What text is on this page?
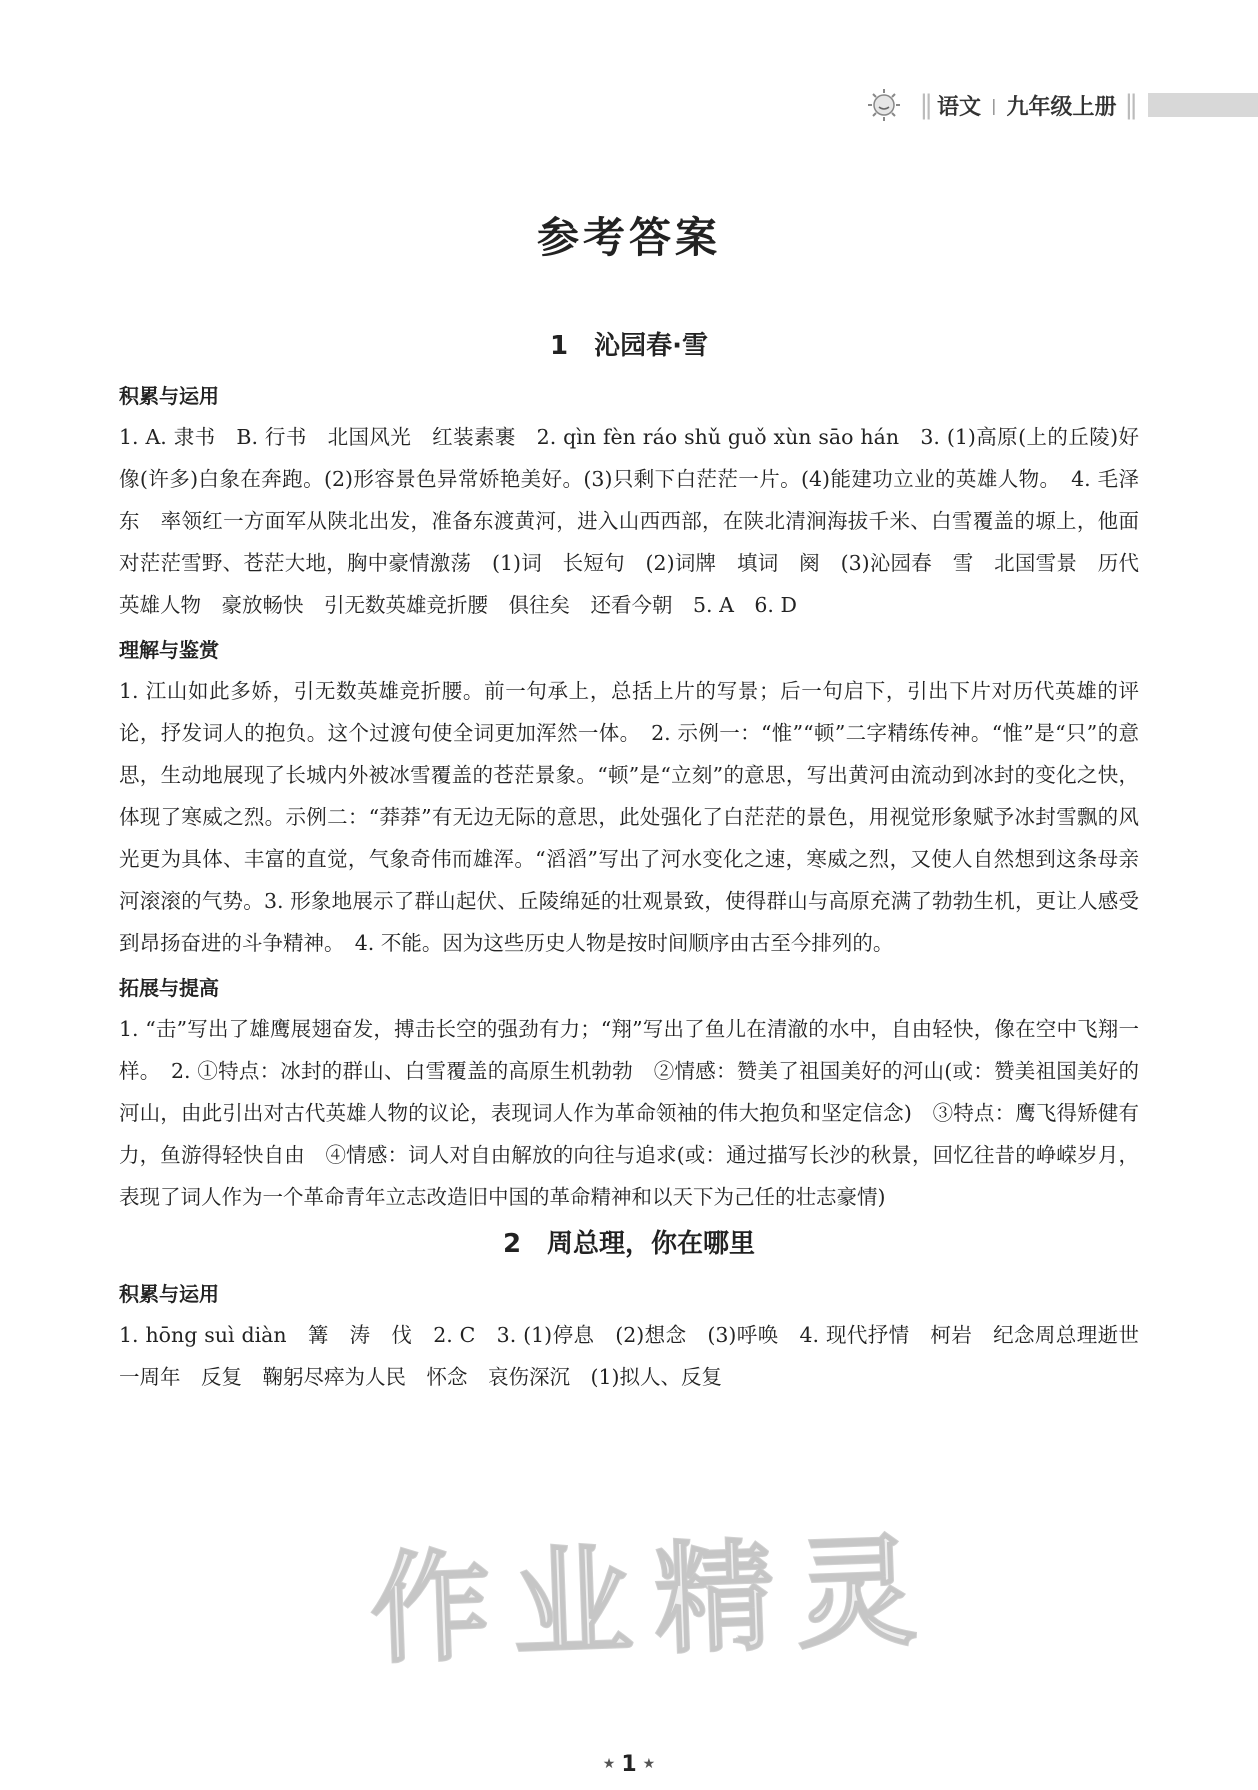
|| 语文 | 九年级上册 ||
参考答案
1 沁园春·雪
积累与运用

1. A. 隶书　B. 行书　北国风光　红装素裹　2. qìn fèn ráo shǔ guǒ xùn sāo hán　3. (1)高原(上的丘陵)好像(许多)白象在奔跑。(2)形容景色异常娇艳美好。(3)只剩下白茫茫一片。(4)能建功立业的英雄人物。　4. 毛泽东　率领红一方面军从陕北出发，准备东渡黄河，进入山西西部，在陕北清涧海拔千米、白雪覆盖的塬上，他面对茫茫雪野、苍茫大地，胸中豪情激荡　(1)词　长短句　(2)词牌　填词　阕　(3)沁园春　雪　北国雪景　历代英雄人物　豪放畅快　引无数英雄竞折腰　俱往矣　还看今朝　5. A　6. D

理解与鉴赏

1. 江山如此多娇，引无数英雄竞折腰。前一句承上，总括上片的写景；后一句启下，引出下片对历代英雄的评论，抒发词人的抱负。这个过渡句使全词更加浑然一体。　2. 示例一：“惟”“顿”二字精练传神。“惟”是“只”的意思，生动地展现了长城内外被冰雪覆盖的苍茫景象。“顿”是“立刻”的意思，写出黄河由流动到冰封的变化之快，体现了寒威之烈。示例二：“莽莽”有无边无际的意思，此处强化了白茫茫的景色，用视觉形象赋予冰封雪飘的风光更为具体、丰富的直觉，气象奇伟而雄浑。“滔滔”写出了河水变化之速，寒威之烈，又使人自然想到这条母亲河滚滚的气势。3. 形象地展示了群山起伏、丘陵绵延的壮观景致，使得群山与高原充满了勃勃生机，更让人感受到昂扬奋进的斗争精神。　4. 不能。因为这些历史人物是按时间顺序由古至今排列的。

拓展与提高

1. “击”写出了雄鹰展翅奋发，搏击长空的强劲有力；“翔”写出了鱼儿在清澈的水中，自由轻快，像在空中飞翔一样。　2. ①特点：冰封的群山、白雪覆盖的高原生机勃勃　②情感：赞美了祖国美好的河山(或：赞美祖国美好的河山，由此引出对古代英雄人物的议论，表现词人作为革命领袖的伟大抱负和坚定信念)　③特点：鹰飞得矫健有力，鱼游得轻快自由　④情感：词人对自由解放的向往与追求(或：通过描写长沙的秋景，回忆往昔的峥嵘岁月，表现了词人作为一个革命青年立志改造旧中国的革命精神和以天下为己任的壮志豪情)

2 周总理，你在哪里
积累与运用

1. hōng suì diàn　篝　涛　伐　2. C　3. (1)停息　(2)想念　(3)呼唤　4. 现代抒情　柯岩　纪念周总理逝世一周年　反复　鞠躬尽瘁为人民　怀念　哀伤深沉　(1)拟人、反复

作业精灵
★ 1 ★
